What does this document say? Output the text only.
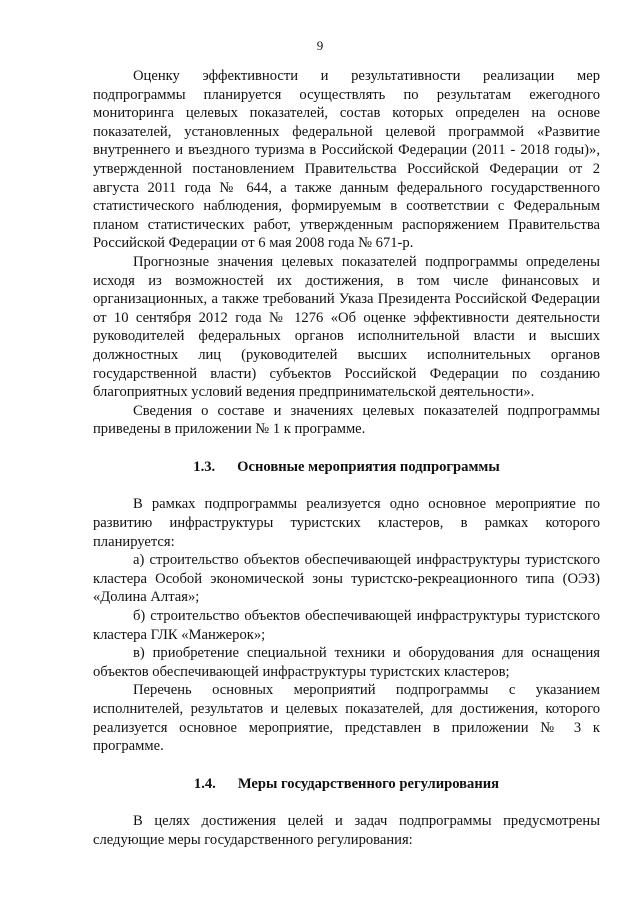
9

Оценку эффективности и результативности реализации мер подпрограммы планируется осуществлять по результатам ежегодного мониторинга целевых показателей, состав которых определен на основе показателей, установленных федеральной целевой программой «Развитие внутреннего и въездного туризма в Российской Федерации (2011 - 2018 годы)», утвержденной постановлением Правительства Российской Федерации от 2 августа 2011 года № 644, а также данным федерального государственного статистического наблюдения, формируемым в соответствии с Федеральным планом статистических работ, утвержденным распоряжением Правительства Российской Федерации от 6 мая 2008 года № 671-р.

Прогнозные значения целевых показателей подпрограммы определены исходя из возможностей их достижения, в том числе финансовых и организационных, а также требований Указа Президента Российской Федерации от 10 сентября 2012 года № 1276 «Об оценке эффективности деятельности руководителей федеральных органов исполнительной власти и высших должностных лиц (руководителей высших исполнительных органов государственной власти) субъектов Российской Федерации по созданию благоприятных условий ведения предпринимательской деятельности».

Сведения о составе и значениях целевых показателей подпрограммы приведены в приложении № 1 к программе.

1.3. Основные мероприятия подпрограммы

В рамках подпрограммы реализуется одно основное мероприятие по развитию инфраструктуры туристских кластеров, в рамках которого планируется:

а) строительство объектов обеспечивающей инфраструктуры туристского кластера Особой экономической зоны туристско-рекреационного типа (ОЭЗ) «Долина Алтая»;

б) строительство объектов обеспечивающей инфраструктуры туристского кластера ГЛК «Манжерок»;

в) приобретение специальной техники и оборудования для оснащения объектов обеспечивающей инфраструктуры туристских кластеров;

Перечень основных мероприятий подпрограммы с указанием исполнителей, результатов и целевых показателей, для достижения, которого реализуется основное мероприятие, представлен в приложении № 3 к программе.

1.4. Меры государственного регулирования

В целях достижения целей и задач подпрограммы предусмотрены следующие меры государственного регулирования:
